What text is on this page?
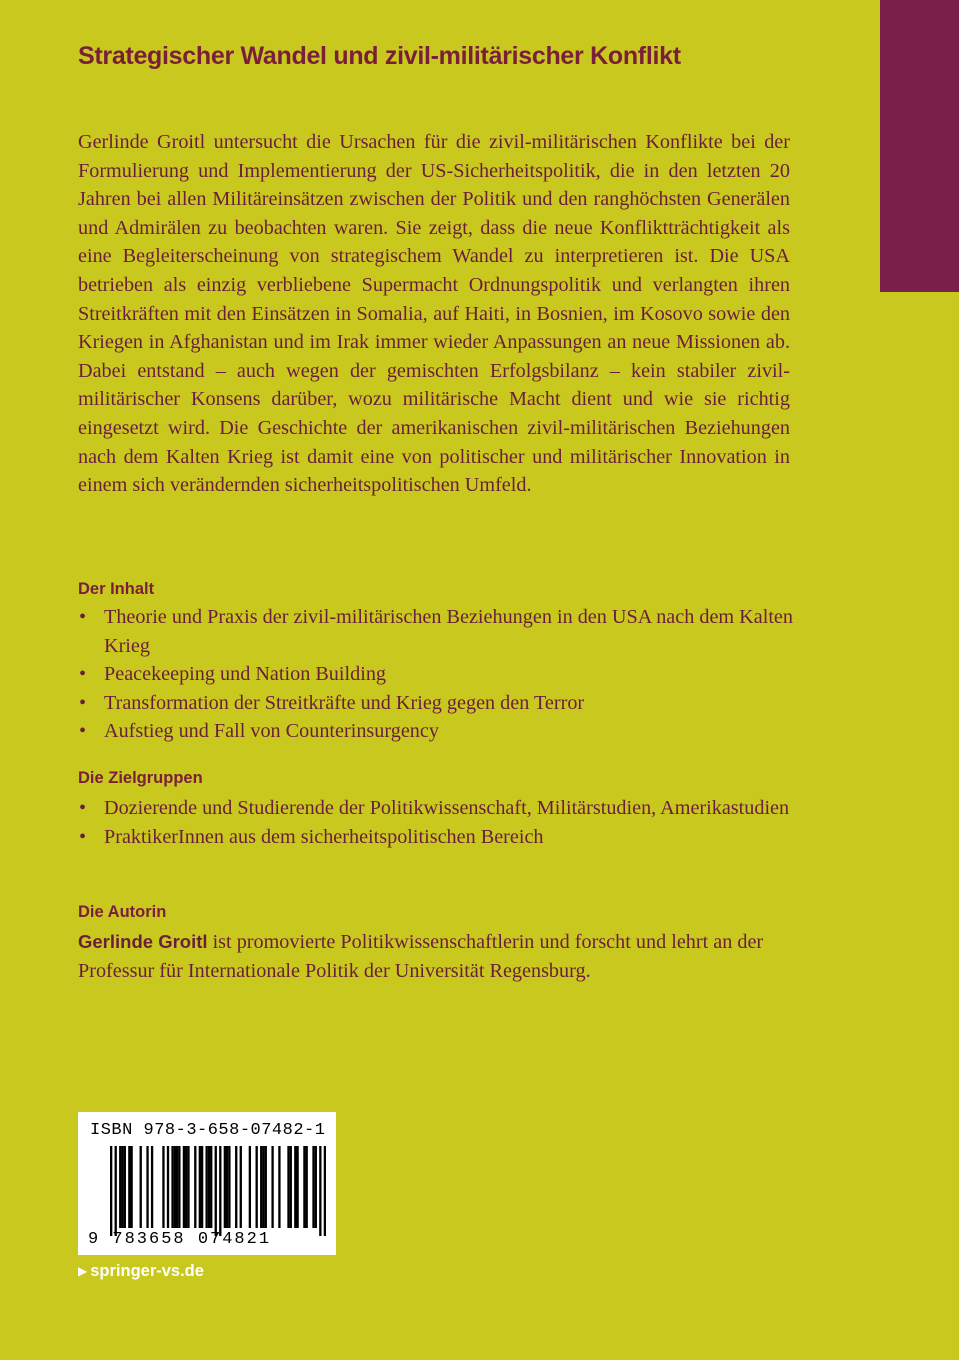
Strategischer Wandel und zivil-militärischer Konflikt
Gerlinde Groitl untersucht die Ursachen für die zivil-militärischen Konflikte bei der Formulierung und Implementierung der US-Sicherheitspolitik, die in den letzten 20 Jahren bei allen Militäreinsätzen zwischen der Politik und den ranghöchsten Generälen und Admirälen zu beobachten waren. Sie zeigt, dass die neue Konfliktträchtigkeit als eine Begleiterscheinung von strategischem Wandel zu interpretieren ist. Die USA betrieben als einzig verbliebene Supermacht Ordnungspolitik und verlangten ihren Streitkräften mit den Einsätzen in Somalia, auf Haiti, in Bosnien, im Kosovo sowie den Kriegen in Afghanistan und im Irak immer wieder Anpassungen an neue Missionen ab. Dabei entstand – auch wegen der gemischten Erfolgsbilanz – kein stabiler zivil-militärischer Konsens darüber, wozu militärische Macht dient und wie sie richtig eingesetzt wird. Die Geschichte der amerikanischen zivil-militärischen Beziehungen nach dem Kalten Krieg ist damit eine von politischer und militärischer Innovation in einem sich verändernden sicherheitspolitischen Umfeld.
Der Inhalt
• Theorie und Praxis der zivil-militärischen Beziehungen in den USA nach dem Kalten Krieg
• Peacekeeping und Nation Building
• Transformation der Streitkräfte und Krieg gegen den Terror
• Aufstieg und Fall von Counterinsurgency
Die Zielgruppen
• Dozierende und Studierende der Politikwissenschaft, Militärstudien, Amerikastudien
• PraktikerInnen aus dem sicherheitspolitischen Bereich
Die Autorin
Gerlinde Groitl ist promovierte Politikwissenschaftlerin und forscht und lehrt an der Professur für Internationale Politik der Universität Regensburg.
ISBN 978-3-658-07482-1
9 783658 074821
▶ springer-vs.de
